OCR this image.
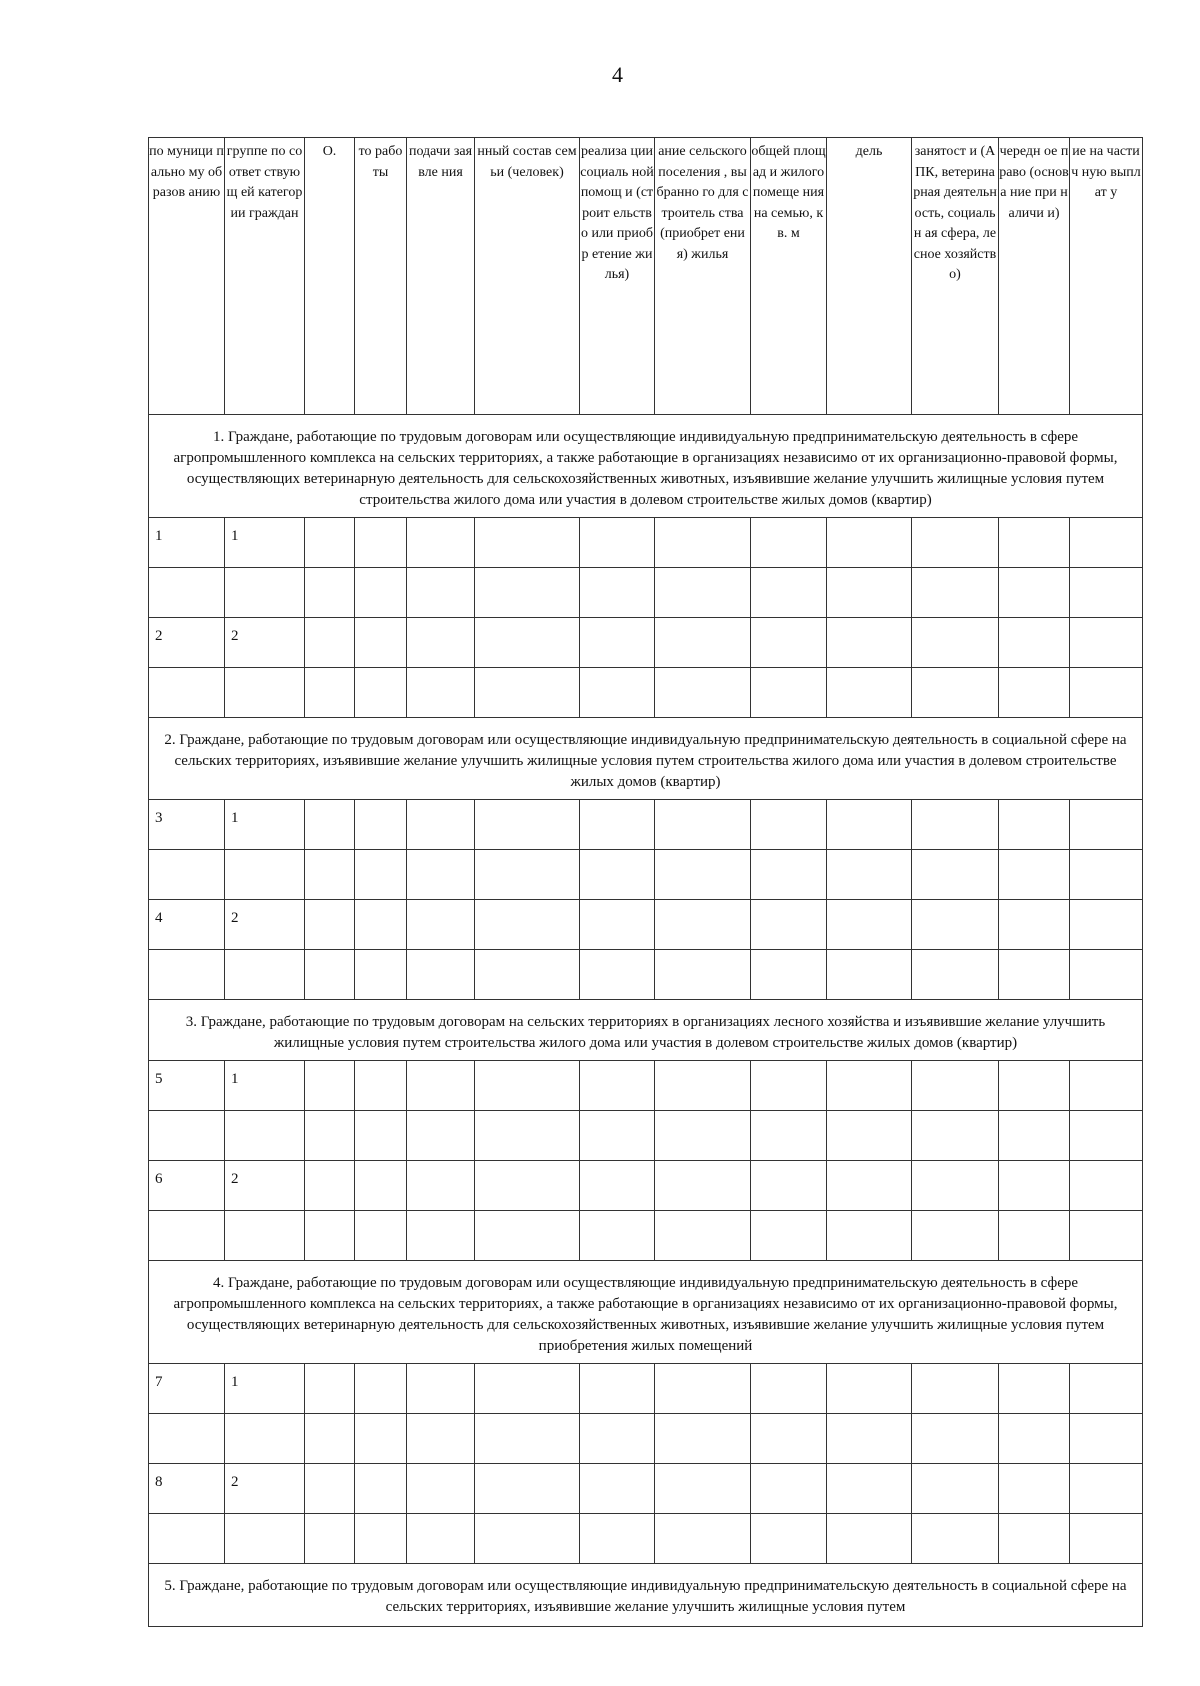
4
по муници пально му образов анию	группе по соответ ствующ ей категор ии граждан	О.	то рабо ты	подачи заявле ния	нный состав семьи (человек)	реализа ции социаль ной помощ и (строит ельство или приобр етение жилья)	ание сельского поселения , выбранно го для строитель ства (приобрет ения) жилья	общей площад и жилого помеще ния на семью, кв. м	дель	занятост и (АПК, ветерина рная деятельн ость, социальн ая сфера, лесное хозяйств о)	чередн ое право (основа ние при наличи и)	ие на частич ную выплат у
1. Граждане, работающие по трудовым договорам или осуществляющие индивидуальную предпринимательскую деятельность в сфере агропромышленного комплекса на сельских территориях, а также работающие в организациях независимо от их организационно-правовой формы, осуществляющих ветеринарную деятельность для сельскохозяйственных животных, изъявившие желание улучшить жилищные условия путем строительства жилого дома или участия в долевом строительстве жилых домов (квартир)												
1	1											

2	2											

2. Граждане, работающие по трудовым договорам или осуществляющие индивидуальную предпринимательскую деятельность в социальной сфере на сельских территориях, изъявившие желание улучшить жилищные условия путем строительства жилого дома или участия в долевом строительстве жилых домов (квартир)												
3	1											

4	2											

3. Граждане, работающие по трудовым договорам на сельских территориях в организациях лесного хозяйства и изъявившие желание улучшить жилищные условия путем строительства жилого дома или участия в долевом строительстве жилых домов (квартир)												
5	1											

6	2											

4. Граждане, работающие по трудовым договорам или осуществляющие индивидуальную предпринимательскую деятельность в сфере агропромышленного комплекса на сельских территориях, а также работающие в организациях независимо от их организационно-правовой формы, осуществляющих ветеринарную деятельность для сельскохозяйственных животных, изъявившие желание улучшить жилищные условия путем приобретения жилых помещений												
7	1											

8	2											

5. Граждане, работающие по трудовым договорам или осуществляющие индивидуальную предпринимательскую деятельность в социальной сфере на сельских территориях, изъявившие желание улучшить жилищные условия путем												
